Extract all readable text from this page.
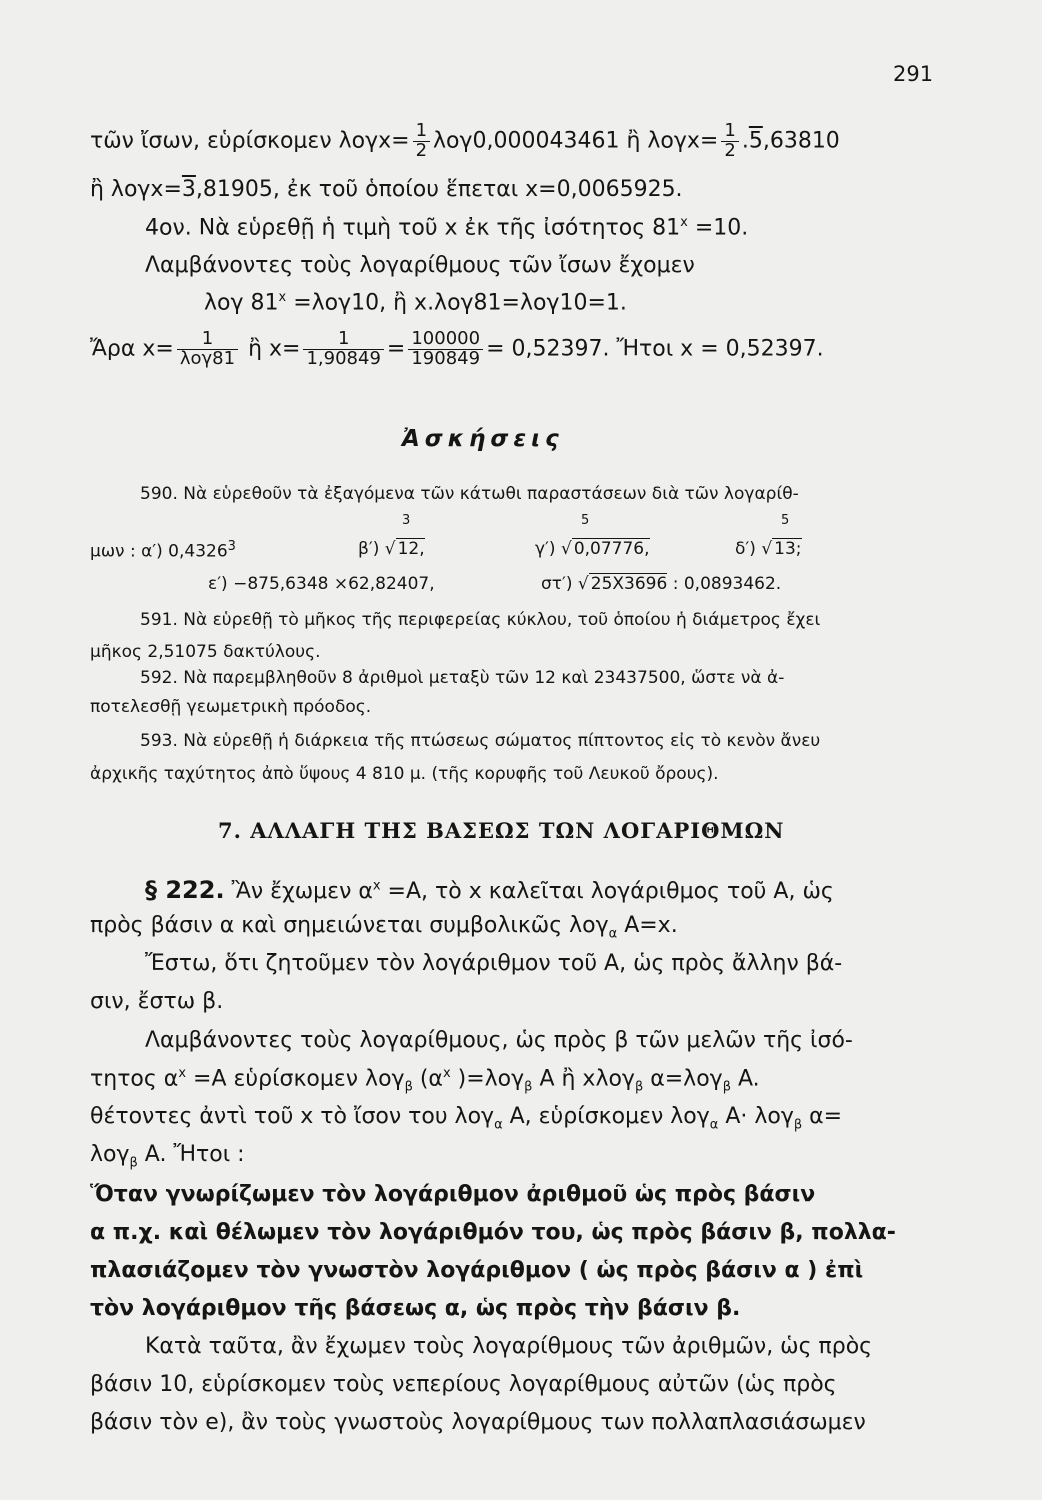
291
τῶν ἴσων, εὑρίσκομεν $\lambda o\gamma x= \frac{1}{2} \lambda o\gamma 0,000043461$ ἢ $\lambda o\gamma x= \frac{1}{2} .5,63810$
ἢ λογx=3,81905, ἐκ τοῦ ὁποίου ἕπεται x=0,0065925.
4ον. Νὰ εὑρεθῇ ἡ τιμὴ τοῦ x ἐκ τῆς ἰσότητος $81^x =10$.
Λαμβάνοντες τοὺς λογαρίθμους τῶν ἴσων ἔχομεν
λογ $81^x =\lambda o\gamma 10$, ἢ x.λογ81=λογ10=1.
Ἄρα $x= \frac{1}{\text{λογ81}}$ ἢ $x= \frac{1}{1,90849} = \frac{100000}{190849} = 0,52397$. Ἤτοι x = 0,52397.
Ἀσκήσεις
590. Νὰ εὑρεθοῦν τὰ ἐξαγόμενα τῶν κάτωθι παραστάσεων διὰ τῶν λογαρίθ-
μων : α′) 0,4326$^3$	β′)
3
√ 12,	γ′)
5
√ 0,07776,	δ′)
5
√ 13;
ε′) −875,6348 ×62,82407,	στ′) √ 25X3696 : 0,0893462.
591. Νὰ εὑρεθῇ τὸ μῆκος τῆς περιφερείας κύκλου, τοῦ ὁποίου ἡ διάμετρος ἔχει
μῆκος 2,51075 δακτύλους.
592. Νὰ παρεμβληθοῦν 8 ἀριθμοὶ μεταξὺ τῶν 12 καὶ 23437500, ὥστε νὰ ἀ-
ποτελεσθῇ γεωμετρικὴ πρόοδος.
593. Νὰ εὑρεθῇ ἡ διάρκεια τῆς πτώσεως σώματος πίπτοντος εἰς τὸ κενὸν ἄνευ
ἀρχικῆς ταχύτητος ἀπὸ ὕψους 4 810 μ. (τῆς κορυφῆς τοῦ Λευκοῦ ὄρους).
7. ΑΛΛΑΓΗ ΤΗΣ ΒΑΣΕΩΣ ΤΩΝ ΛΟΓΑΡΙΘΜΩΝ
§ 222. Ἂν ἔχωμεν $\alpha^x =A$, τὸ x καλεῖται λογάριθμος τοῦ A, ὡς
πρὸς βάσιν α καὶ σημειώνεται συμβολικῶς λογ$_\alpha$ A=x.
Ἔστω, ὅτι ζητοῦμεν τὸν λογάριθμον τοῦ A, ὡς πρὸς ἄλλην βά-
σιν, ἔστω β.
Λαμβάνοντες τοὺς λογαρίθμους, ὡς πρὸς β τῶν μελῶν τῆς ἰσό-
τητος $\alpha^x =A$ εὑρίσκομεν λογ$_\beta$ ($\alpha^x$ )=λογ$_\beta$ A ἢ xλογ$_\beta$ α=λογ$_\beta$ A.
θέτοντες ἀντὶ τοῦ x τὸ ἴσον του λογ$_\alpha$ A, εὑρίσκομεν λογ$_\alpha$ A· λογ$_\beta$ α=
λογ$_\beta$ A. Ἤτοι :
Ὅταν γνωρίζωμεν τὸν λογάριθμον ἀριθμοῦ ὡς πρὸς βάσιν
α π.χ. καὶ θέλωμεν τὸν λογάριθμόν του, ὡς πρὸς βάσιν β, πολλα-
πλασιάζομεν τὸν γνωστὸν λογάριθμον ( ὡς πρὸς βάσιν α ) ἐπὶ
τὸν λογάριθμον τῆς βάσεως α, ὡς πρὸς τὴν βάσιν β.
Κατὰ ταῦτα, ἂν ἔχωμεν τοὺς λογαρίθμους τῶν ἀριθμῶν, ὡς πρὸς
βάσιν 10, εὑρίσκομεν τοὺς νεπερίους λογαρίθμους αὐτῶν (ὡς πρὸς
βάσιν τὸν e), ἂν τοὺς γνωστοὺς λογαρίθμους των πολλαπλασιάσωμεν
